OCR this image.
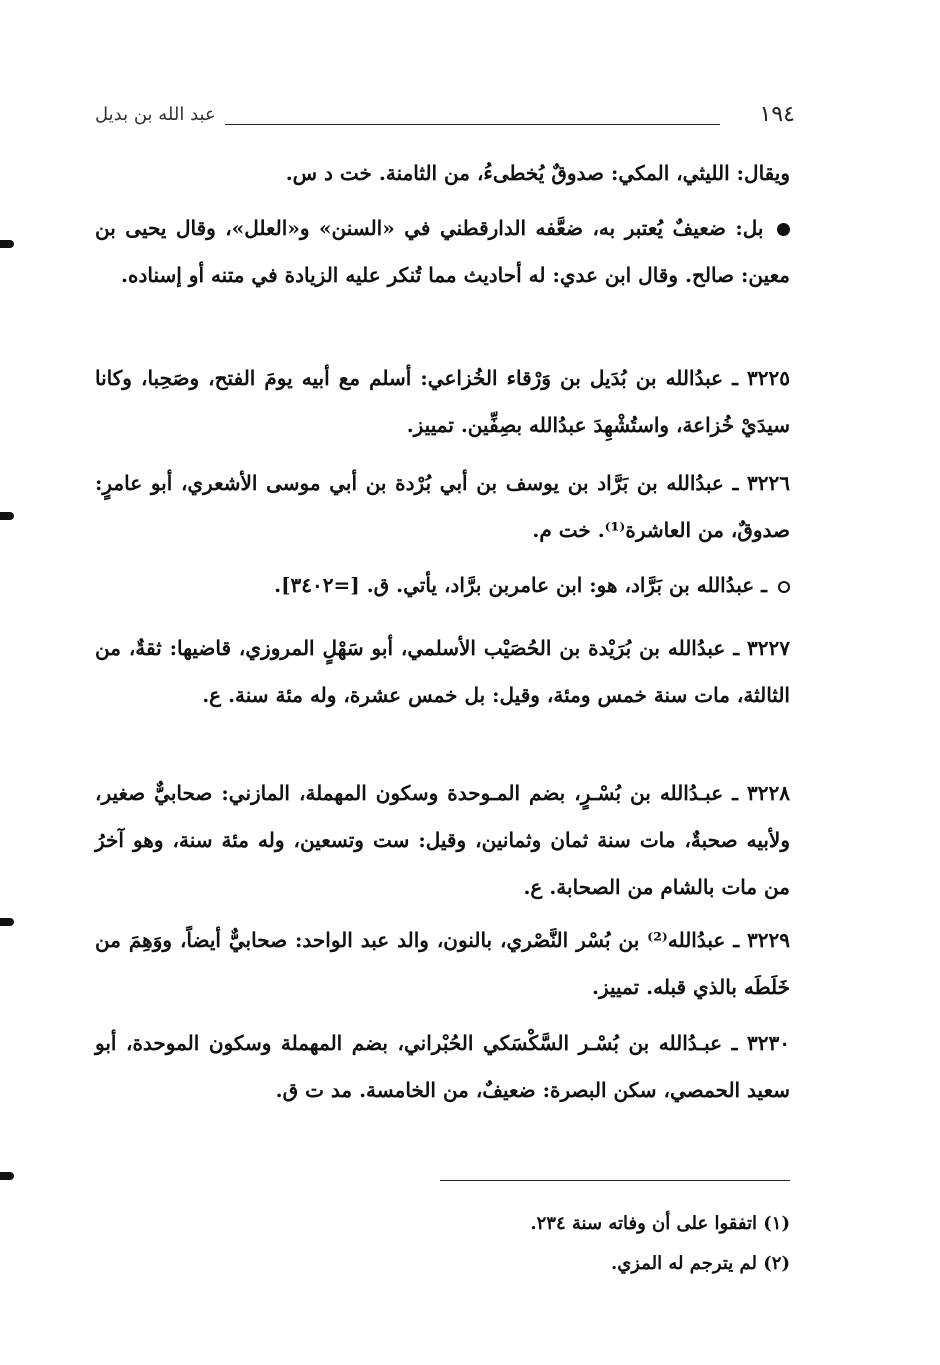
١٩٤
عبد الله بن بديل
ويقال: الليثي، المكي: صدوقٌ يُخطىءُ، من الثامنة. خت د س.
بل: ضعيفٌ يُعتبر به، ضعَّفه الدارقطني في «السنن» و«العلل»، وقال يحيى بن معين: صالح. وقال ابن عدي: له أحاديث مما تُنكر عليه الزيادة في متنه أو إسناده.
٣٢٢٥ ـ عبدُالله بن بُدَيل بن وَرْقاء الخُزاعي: أسلم مع أبيه يومَ الفتح، وصَحِبا، وكانا سيدَيْ خُزاعة، واستُشْهِدَ عبدُالله بصِفِّين. تمييز.
٣٢٢٦ ـ عبدُالله بن بَرَّاد بن يوسف بن أبي بُرْدة بن أبي موسى الأشعري، أبو عامرٍ: صدوقٌ، من العاشرة⁽¹⁾. خت م.
ـ عبدُالله بن بَرَّاد، هو: ابن عامربن برَّاد، يأتي. ق. [=٣٤٠٢].
٣٢٢٧ ـ عبدُالله بن بُرَيْدة بن الحُصَيْب الأسلمي، أبو سَهْلٍ المروزي، قاضيها: ثقةٌ، من الثالثة، مات سنة خمس ومئة، وقيل: بل خمس عشرة، وله مئة سنة. ع.
٣٢٢٨ ـ عبـدُالله بن بُسْـرٍ، بضم المـوحدة وسكون المهملة، المازني: صحابيٌّ صغير، ولأبيه صحبةٌ، مات سنة ثمان وثمانين، وقيل: ست وتسعين، وله مئة سنة، وهو آخرُ من مات بالشام من الصحابة. ع.
٣٢٢٩ ـ عبدُالله⁽²⁾ بن بُسْر النَّصْري، بالنون، والد عبد الواحد: صحابيٌّ أيضاً، ووَهِمَ من خَلَطَه بالذي قبله. تمييز.
٣٢٣٠ ـ عبـدُالله بن بُسْـر السَّكْسَكي الحُبْراني، بضم المهملة وسكون الموحدة، أبو سعيد الحمصي، سكن البصرة: ضعيفٌ، من الخامسة. مد ت ق.
(١) اتفقوا على أن وفاته سنة ٢٣٤.
(٢) لم يترجم له المزي.
